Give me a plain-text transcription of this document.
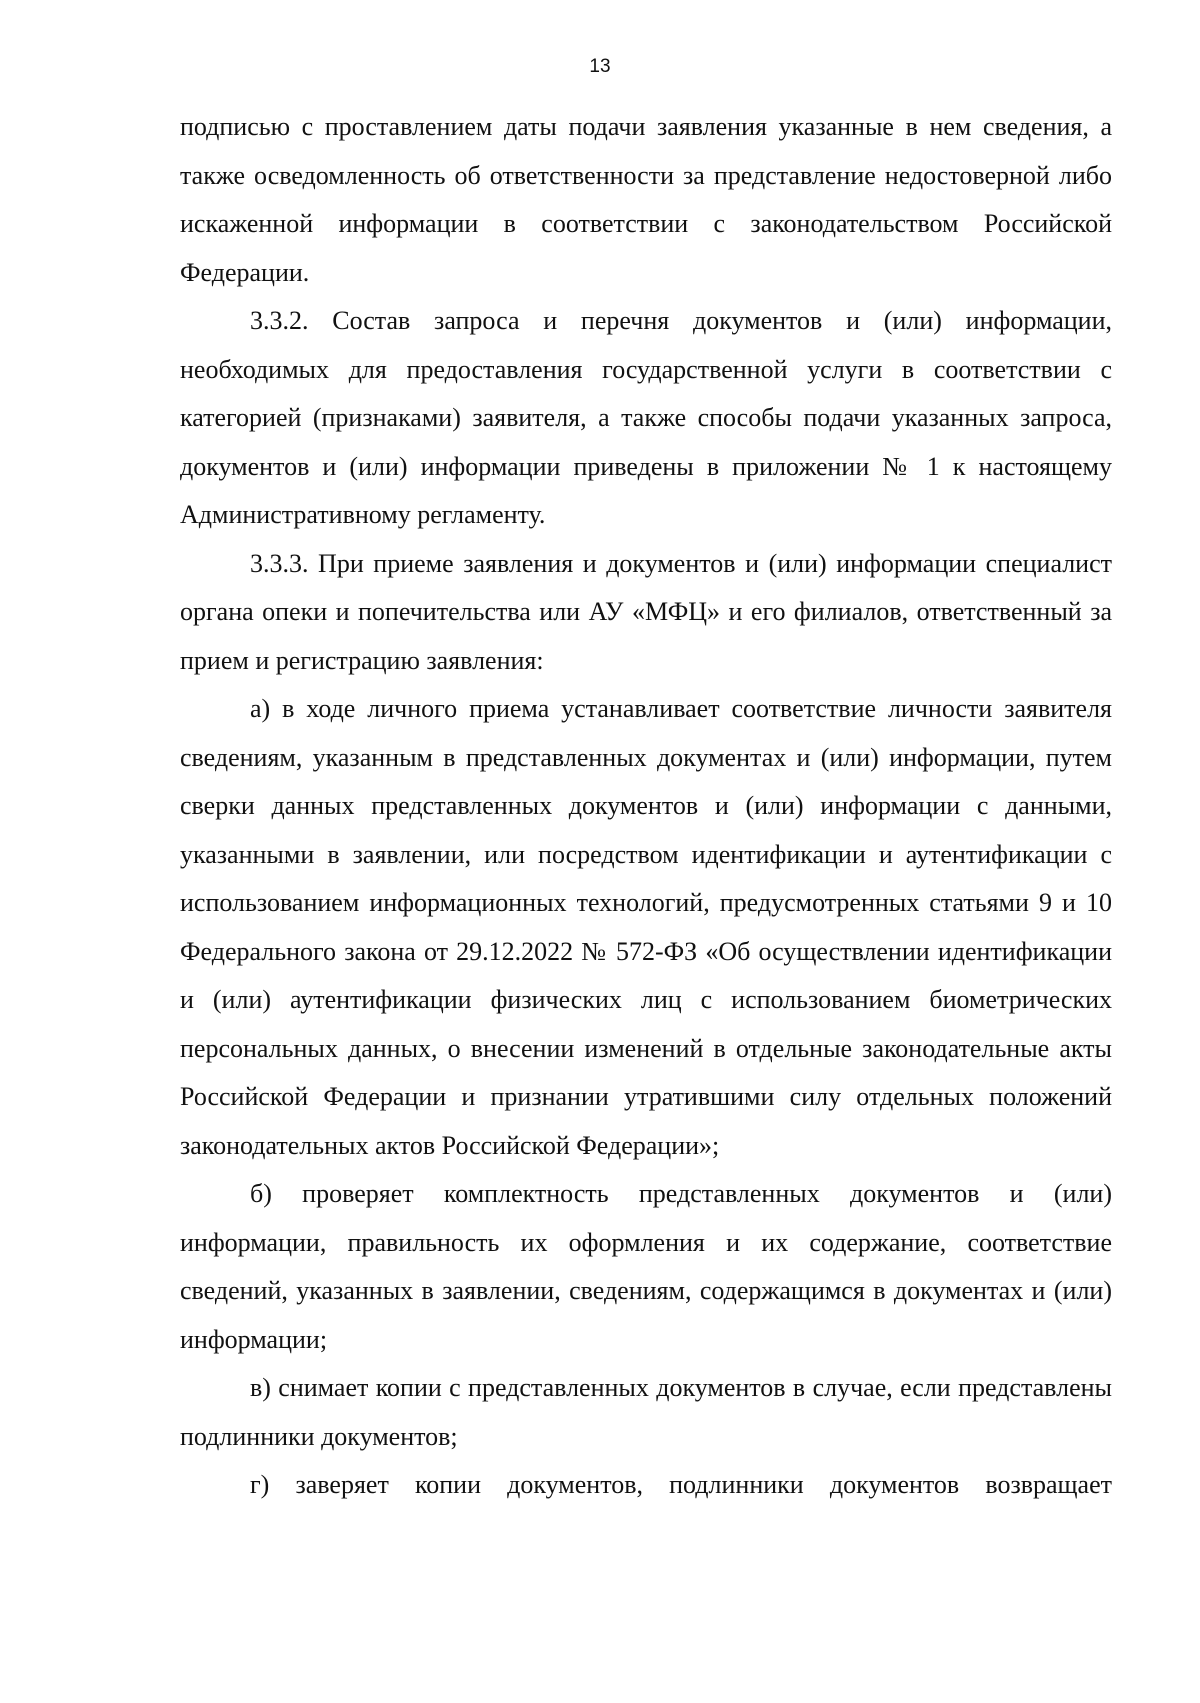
13

подписью с проставлением даты подачи заявления указанные в нем сведения, а также осведомленность об ответственности за представление недостоверной либо искаженной информации в соответствии с законодательством Российской Федерации.

3.3.2. Состав запроса и перечня документов и (или) информации, необходимых для предоставления государственной услуги в соответствии с категорией (признаками) заявителя, а также способы подачи указанных запроса, документов и (или) информации приведены в приложении № 1 к настоящему Административному регламенту.

3.3.3. При приеме заявления и документов и (или) информации специалист органа опеки и попечительства или АУ «МФЦ» и его филиалов, ответственный за прием и регистрацию заявления:

а) в ходе личного приема устанавливает соответствие личности заявителя сведениям, указанным в представленных документах и (или) информации, путем сверки данных представленных документов и (или) информации с данными, указанными в заявлении, или посредством идентификации и аутентификации с использованием информационных технологий, предусмотренных статьями 9 и 10 Федерального закона от 29.12.2022 № 572-ФЗ «Об осуществлении идентификации и (или) аутентификации физических лиц с использованием биометрических персональных данных, о внесении изменений в отдельные законодательные акты Российской Федерации и признании утратившими силу отдельных положений законодательных актов Российской Федерации»;

б) проверяет комплектность представленных документов и (или) информации, правильность их оформления и их содержание, соответствие сведений, указанных в заявлении, сведениям, содержащимся в документах и (или) информации;

в) снимает копии с представленных документов в случае, если представлены подлинники документов;

г) заверяет копии документов, подлинники документов возвращает
